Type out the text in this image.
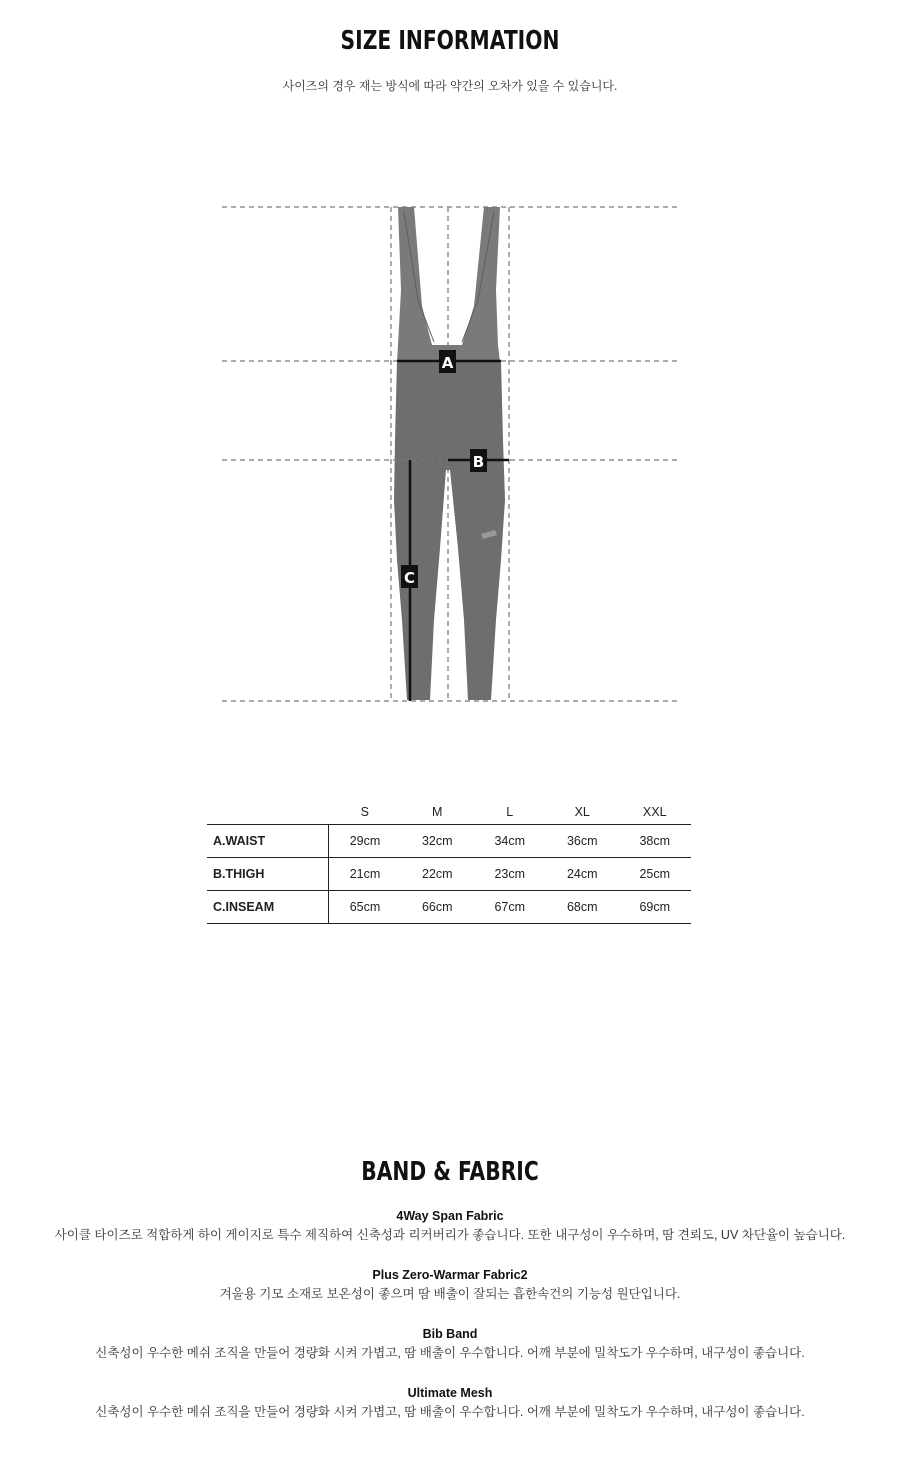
SIZE INFORMATION
사이즈의 경우 재는 방식에 따라 약간의 오차가 있을 수 있습니다.
A
B
C
	S	M	L	XL	XXL
A.WAIST	29cm	32cm	34cm	36cm	38cm
B.THIGH	21cm	22cm	23cm	24cm	25cm
C.INSEAM	65cm	66cm	67cm	68cm	69cm
BAND & FABRIC
4Way Span Fabric
사이클 타이즈로 적합하게 하이 게이지로 특수 제직하여 신축성과 리커버리가 좋습니다. 또한 내구성이 우수하며, 땀 견뢰도, UV 차단율이 높습니다.
Plus Zero-Warmar Fabric2
겨울용 기모 소재로 보온성이 좋으며 땀 배출이 잘되는 흡한속건의 기능성 원단입니다.
Bib Band
신축성이 우수한 메쉬 조직을 만들어 경량화 시켜 가볍고, 땀 배출이 우수합니다. 어깨 부분에 밀착도가 우수하며, 내구성이 좋습니다.
Ultimate Mesh
신축성이 우수한 메쉬 조직을 만들어 경량화 시켜 가볍고, 땀 배출이 우수합니다. 어깨 부분에 밀착도가 우수하며, 내구성이 좋습니다.
